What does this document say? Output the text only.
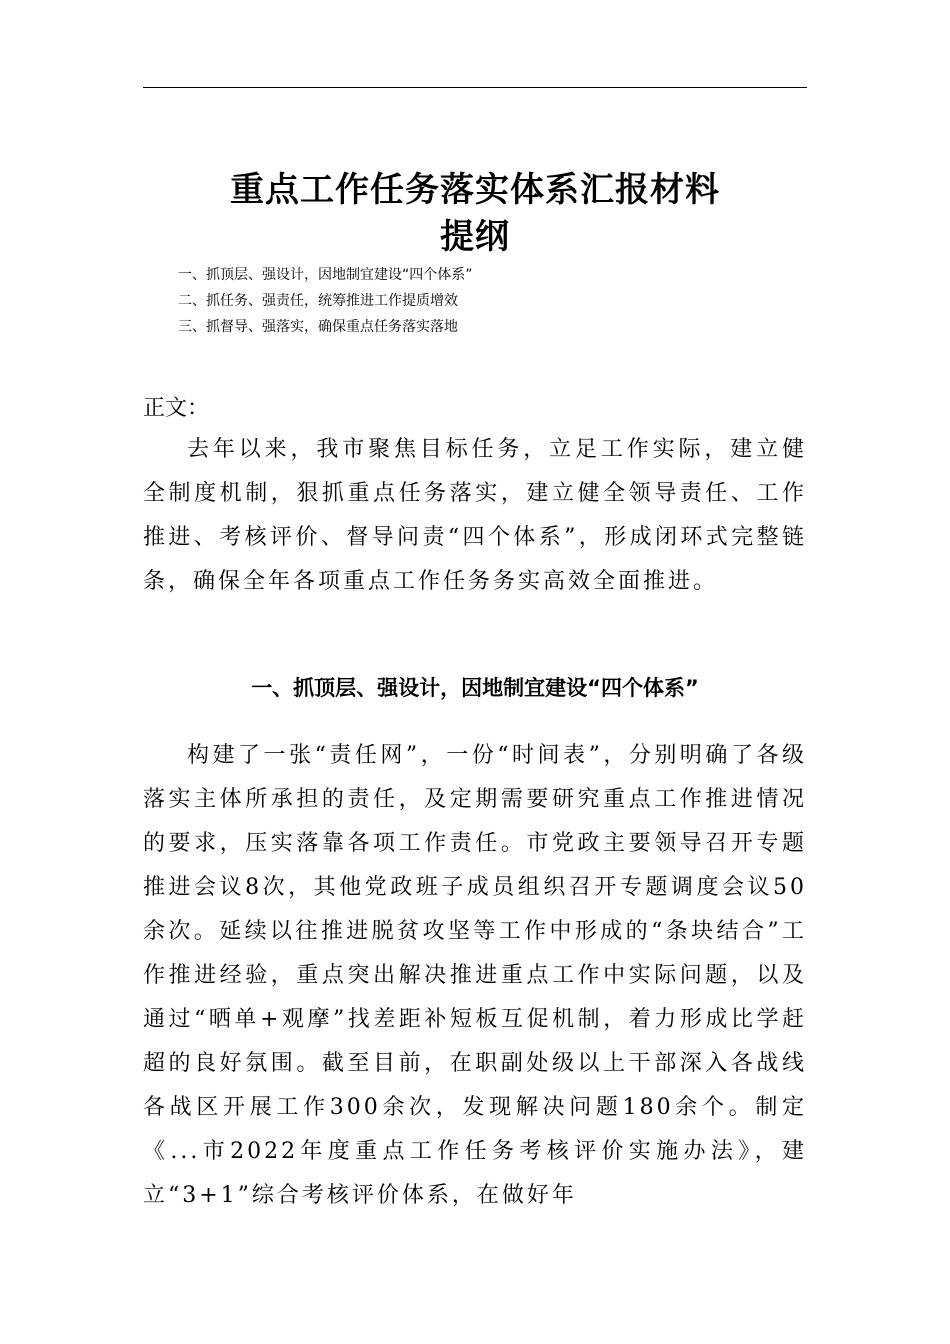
重点工作任务落实体系汇报材料
提纲
一、抓顶层、强设计，因地制宜建设“四个体系”
二、抓任务、强责任，统筹推进工作提质增效
三、抓督导、强落实，确保重点任务落实落地
正文：

去年以来，我市聚焦目标任务，立足工作实际，建立健全制度机制，狠抓重点任务落实，建立健全领导责任、工作推进、考核评价、督导问责“四个体系”，形成闭环式完整链条，确保全年各项重点工作任务务实高效全面推进。

一、抓顶层、强设计，因地制宜建设“四个体系”

构建了一张“责任网”，一份“时间表”，分别明确了各级落实主体所承担的责任，及定期需要研究重点工作推进情况的要求，压实落靠各项工作责任。市党政主要领导召开专题推进会议8次，其他党政班子成员组织召开专题调度会议50余次。延续以往推进脱贫攻坚等工作中形成的“条块结合”工作推进经验，重点突出解决推进重点工作中实际问题，以及通过“晒单+观摩”找差距补短板互促机制，着力形成比学赶超的良好氛围。截至目前，在职副处级以上干部深入各战线各战区开展工作300余次，发现解决问题180余个。制定《...市2022年度重点工作任务考核评价实施办法》，建立“3+1”综合考核评价体系，在做好年
